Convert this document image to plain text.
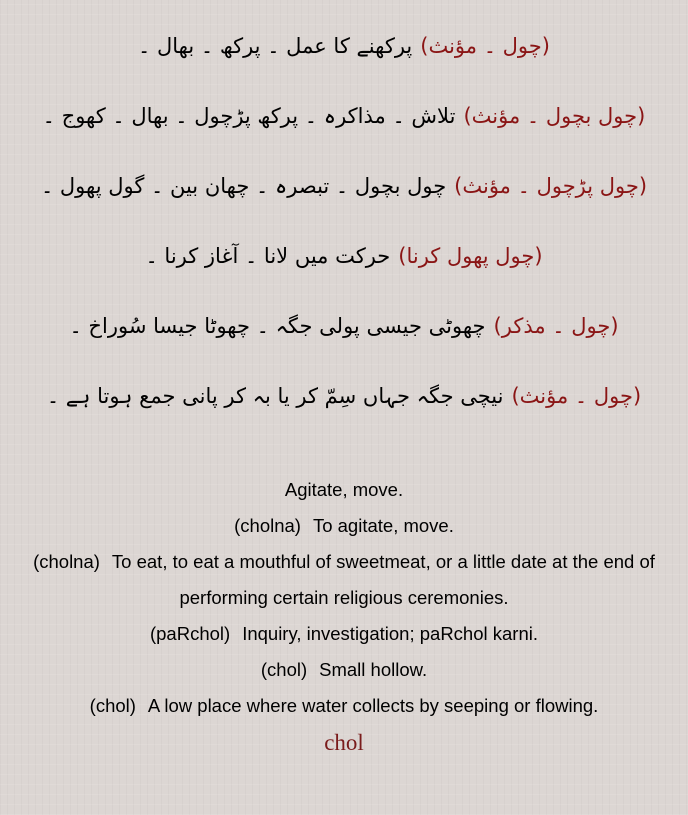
(چول ۔ مؤنث)پرکھنے کا عمل ۔ پرکھ ۔ بھال ۔
(چول بچول ۔ مؤنث)تلاش ۔ مذاکرہ ۔ پرکھ پڑچول ۔ بھال ۔ کھوج ۔
(چول پڑچول ۔ مؤنث)چول بچول ۔ تبصرہ ۔ چھان بین ۔ گول پھول ۔
(چول پھول کرنا)حرکت میں لانا ۔ آغاز کرنا ۔
(چول ۔ مذکر)چھوٹی جیسی پولی جگہ ۔ چھوٹا جیسا سُوراخ ۔
(چول ۔ مؤنث)نیچی جگہ جہاں سِمّ کر یا بہ کر پانی جمع ہوتا ہے ۔
Agitate, move.
(cholna) To agitate, move.
(cholna) To eat, to eat a mouthful of sweetmeat, or a little date at the end of performing certain religious ceremonies.
(paRchol) Inquiry, investigation; paRchol karni.
(chol) Small hollow.
(chol) A low place where water collects by seeping or flowing.
chol
